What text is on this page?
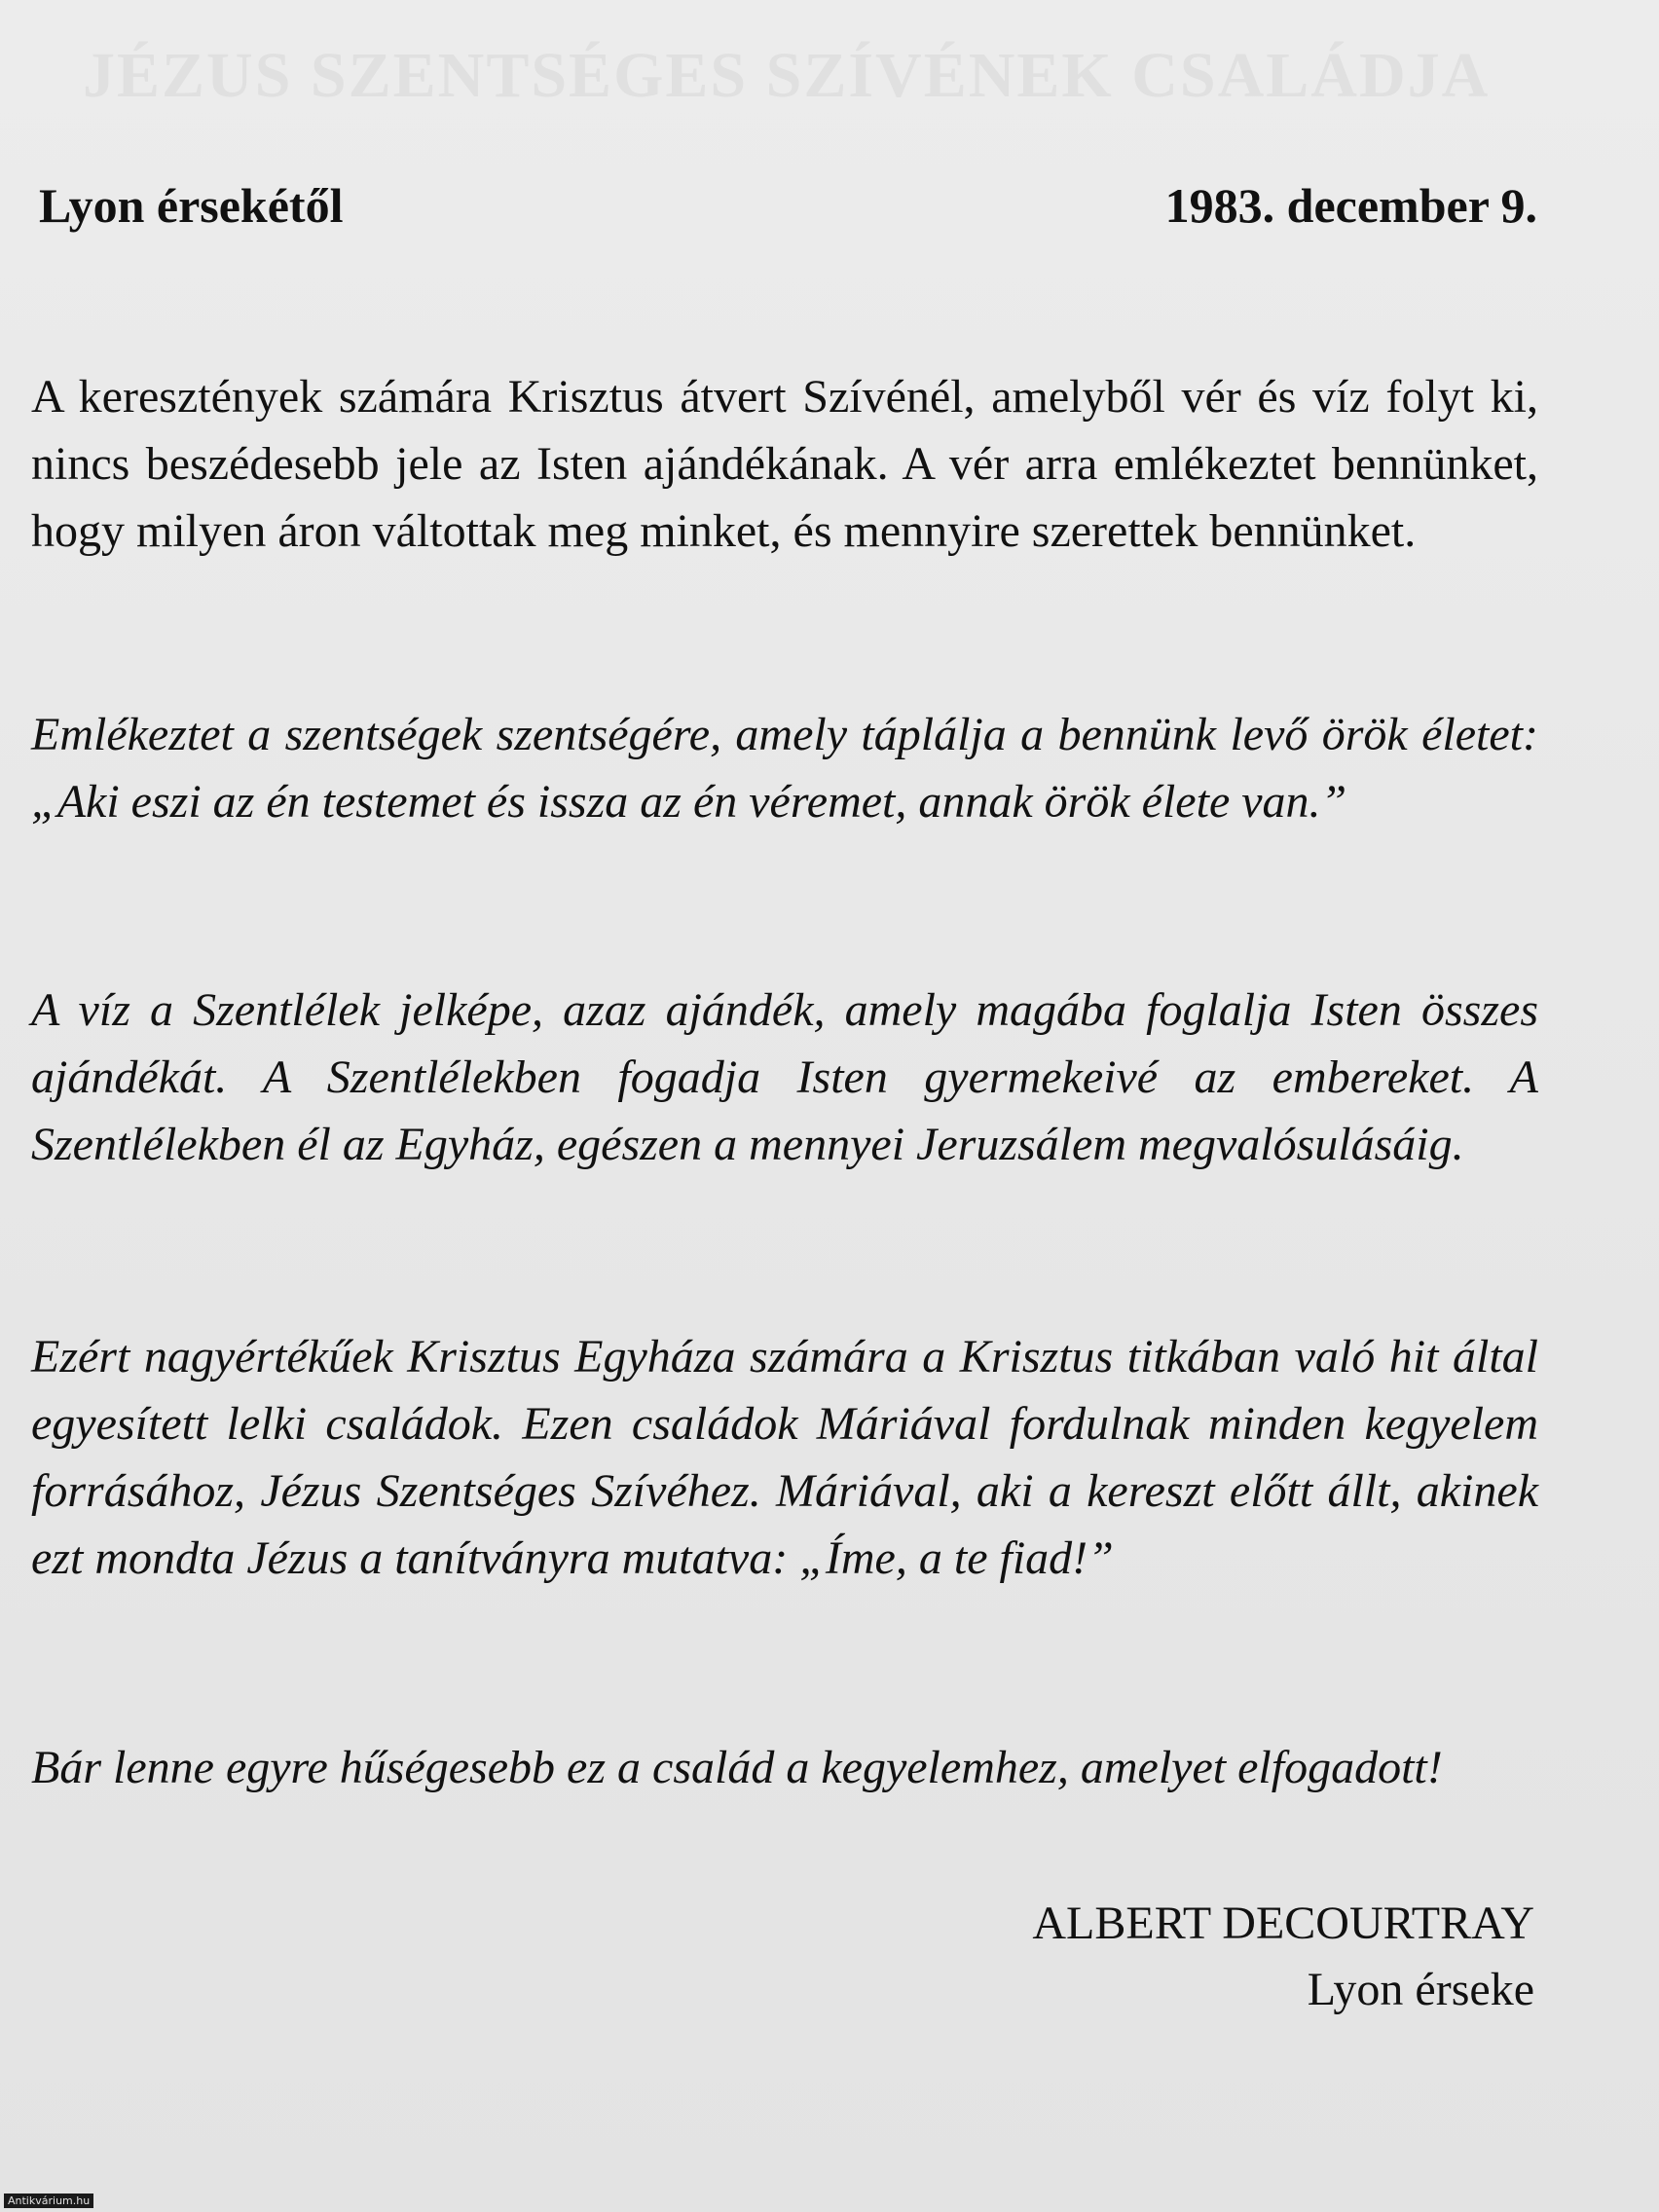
JÉZUS SZENTSÉGES SZÍVÉNEK CSALÁDJA
Lyon érsekétől	1983. december 9.

A keresztények számára Krisztus átvert Szívénél, amelyből vér és víz folyt ki, nincs beszédesebb jele az Isten ajándékának. A vér arra emlékeztet bennünket, hogy milyen áron váltottak meg minket, és mennyire szerettek bennünket.

Emlékeztet a szentségek szentségére, amely táplálja a bennünk levő örök életet: „Aki eszi az én testemet és issza az én véremet, annak örök élete van.”

A víz a Szentlélek jelképe, azaz ajándék, amely magába foglalja Isten összes ajándékát. A Szentlélekben fogadja Isten gyermekeivé az embereket. A Szentlélekben él az Egyház, egészen a mennyei Jeruzsálem megvalósulásáig.

Ezért nagyértékűek Krisztus Egyháza számára a Krisztus titkában való hit által egyesített lelki családok. Ezen családok Máriával fordulnak minden kegyelem forrásához, Jézus Szentséges Szívéhez. Máriával, aki a kereszt előtt állt, akinek ezt mondta Jézus a tanítványra mutatva: „Íme, a te fiad!”

Bár lenne egyre hűségesebb ez a család a kegyelemhez, amelyet elfogadott!

ALBERT DECOURTRAY
Lyon érseke
Antikvárium.hu
